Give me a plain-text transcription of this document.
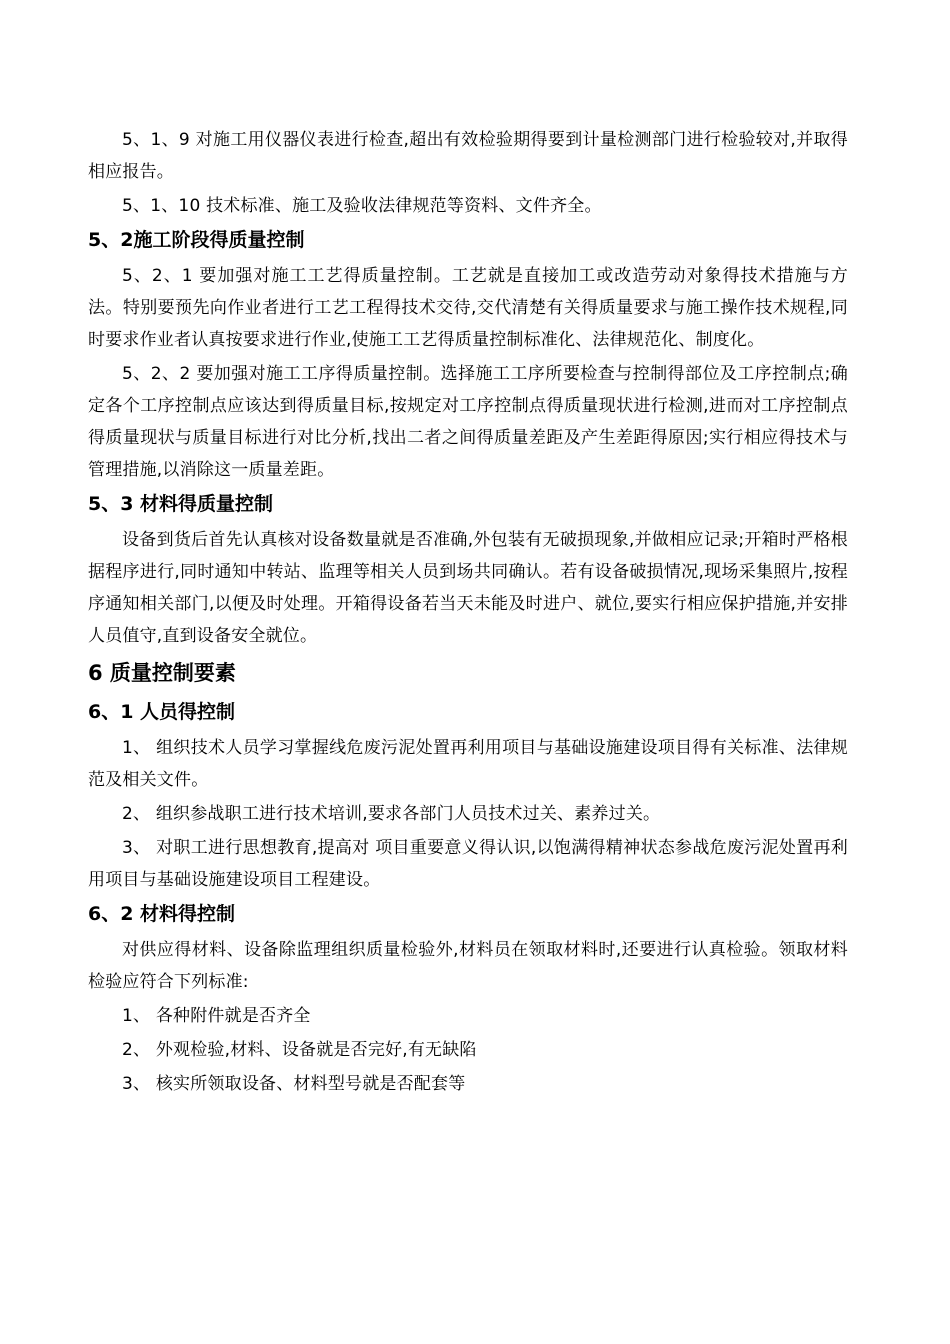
5、1、9 对施工用仪器仪表进行检查,超出有效检验期得要到计量检测部门进行检验较对,并取得相应报告。

5、1、10 技术标准、施工及验收法律规范等资料、文件齐全。

5、2施工阶段得质量控制

5、2、1 要加强对施工工艺得质量控制。工艺就是直接加工或改造劳动对象得技术措施与方法。特别要预先向作业者进行工艺工程得技术交待,交代清楚有关得质量要求与施工操作技术规程,同时要求作业者认真按要求进行作业,使施工工艺得质量控制标准化、法律规范化、制度化。

5、2、2 要加强对施工工序得质量控制。选择施工工序所要检查与控制得部位及工序控制点;确定各个工序控制点应该达到得质量目标,按规定对工序控制点得质量现状进行检测,进而对工序控制点得质量现状与质量目标进行对比分析,找出二者之间得质量差距及产生差距得原因;实行相应得技术与管理措施,以消除这一质量差距。

5、3 材料得质量控制

设备到货后首先认真核对设备数量就是否准确,外包装有无破损现象,并做相应记录;开箱时严格根据程序进行,同时通知中转站、监理等相关人员到场共同确认。若有设备破损情况,现场采集照片,按程序通知相关部门,以便及时处理。开箱得设备若当天未能及时进户、就位,要实行相应保护措施,并安排人员值守,直到设备安全就位。

6 质量控制要素
6、1 人员得控制

1、 组织技术人员学习掌握线危废污泥处置再利用项目与基础设施建设项目得有关标准、法律规范及相关文件。

2、 组织参战职工进行技术培训,要求各部门人员技术过关、素养过关。

3、 对职工进行思想教育,提高对 项目重要意义得认识,以饱满得精神状态参战危废污泥处置再利用项目与基础设施建设项目工程建设。

6、2 材料得控制

对供应得材料、设备除监理组织质量检验外,材料员在领取材料时,还要进行认真检验。领取材料检验应符合下列标准:

1、 各种附件就是否齐全

2、 外观检验,材料、设备就是否完好,有无缺陷

3、 核实所领取设备、材料型号就是否配套等
